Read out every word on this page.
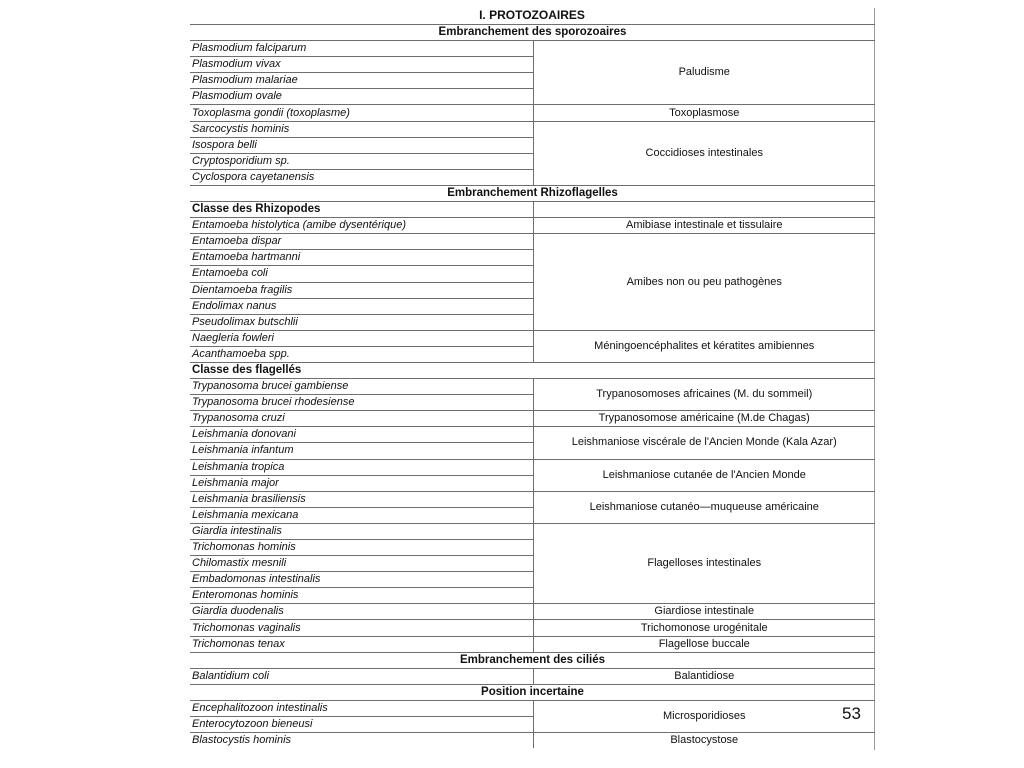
I. PROTOZOAIRES
Embranchement des sporozoaires	
Plasmodium falciparum	Paludisme
Plasmodium vivax	
Plasmodium malariae	
Plasmodium ovale	
Toxoplasma gondii (toxoplasme)	Toxoplasmose
Sarcocystis hominis	Coccidioses intestinales
Isospora belli	
Cryptosporidium sp.	
Cyclospora cayetanensis	
Embranchement Rhizoflagelles	
Classe des Rhizopodes	
Entamoeba histolytica (amibe dysentérique)	Amibiase intestinale et tissulaire
Entamoeba dispar	Amibes non ou peu pathogènes
Entamoeba hartmanni	
Entamoeba coli	
Dientamoeba fragilis	
Endolimax nanus	
Pseudolimax butschlii	
Naegleria fowleri	Méningoencéphalites et kératites amibiennes
Acanthamoeba spp.	
Classe des flagellés	
Trypanosoma brucei gambiense	Trypanosomoses africaines (M. du sommeil)
Trypanosoma brucei rhodesiense	
Trypanosoma cruzi	Trypanosomose américaine (M.de Chagas)
Leishmania donovani	Leishmaniose viscérale de l'Ancien Monde (Kala Azar)
Leishmania infantum	
Leishmania tropica	Leishmaniose cutanée de l'Ancien Monde
Leishmania major	
Leishmania brasiliensis	Leishmaniose cutanéo—muqueuse américaine
Leishmania mexicana	
Giardia intestinalis	Flagelloses intestinales
Trichomonas hominis	
Chilomastix mesnili	
Embadomonas intestinalis	
Enteromonas hominis	
Giardia duodenalis	Giardiose intestinale
Trichomonas vaginalis	Trichomonose urogénitale
Trichomonas tenax	Flagellose buccale
Embranchement des ciliés	
Balantidium coli	Balantidiose
Position incertaine	
Encephalitozoon intestinalis	Microsporidioses
Enterocytozoon bieneusi	
Blastocystis hominis	Blastocystose
53
